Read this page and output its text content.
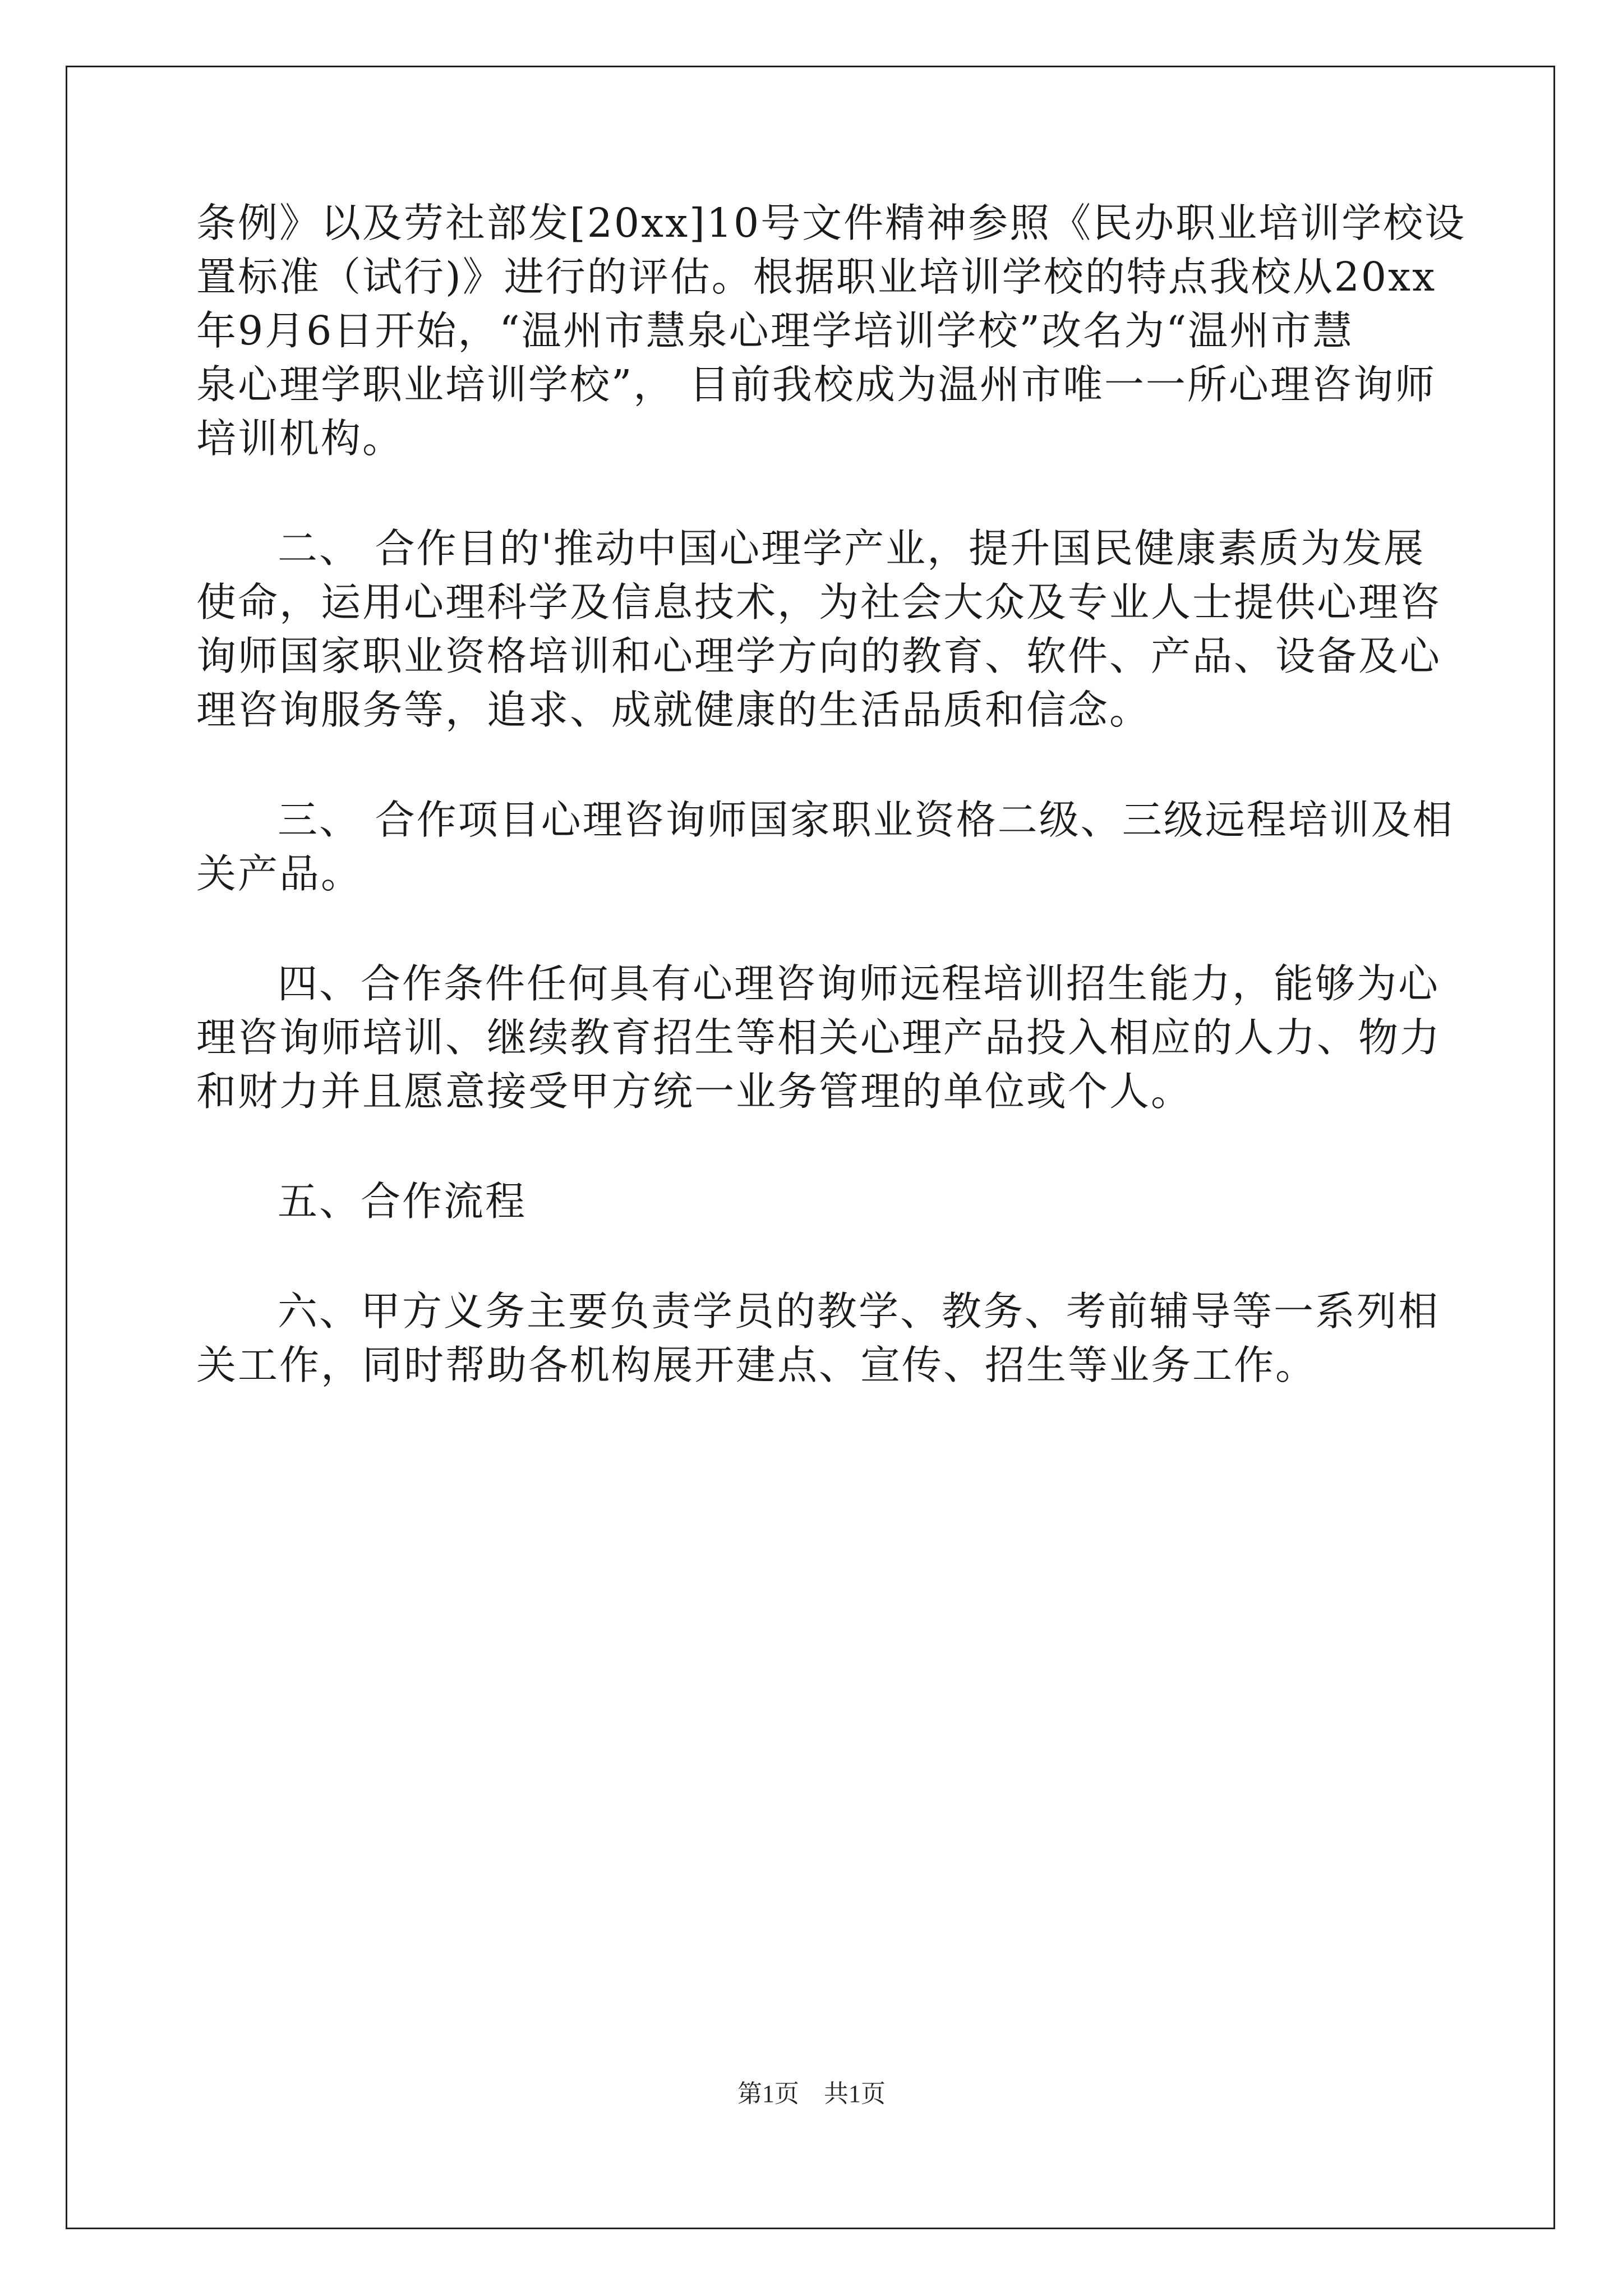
条例》以及劳社部发[20xx]10号文件精神参照《民办职业培训学校设

置标准（试行)》进行的评估。根据职业培训学校的特点我校从20xx

年9月6日开始，“温州市慧泉心理学培训学校”改名为“温州市慧

泉心理学职业培训学校”， 目前我校成为温州市唯一一所心理咨询师

培训机构。

二、 合作目的'推动中国心理学产业，提升国民健康素质为发展

使命，运用心理科学及信息技术，为社会大众及专业人士提供心理咨

询师国家职业资格培训和心理学方向的教育、软件、产品、设备及心

理咨询服务等，追求、成就健康的生活品质和信念。

三、 合作项目心理咨询师国家职业资格二级、三级远程培训及相

关产品。

四、合作条件任何具有心理咨询师远程培训招生能力，能够为心

理咨询师培训、继续教育招生等相关心理产品投入相应的人力、物力

和财力并且愿意接受甲方统一业务管理的单位或个人。

五、合作流程

六、甲方义务主要负责学员的教学、教务、考前辅导等一系列相

关工作，同时帮助各机构展开建点、宣传、招生等业务工作。

第1页　共1页
